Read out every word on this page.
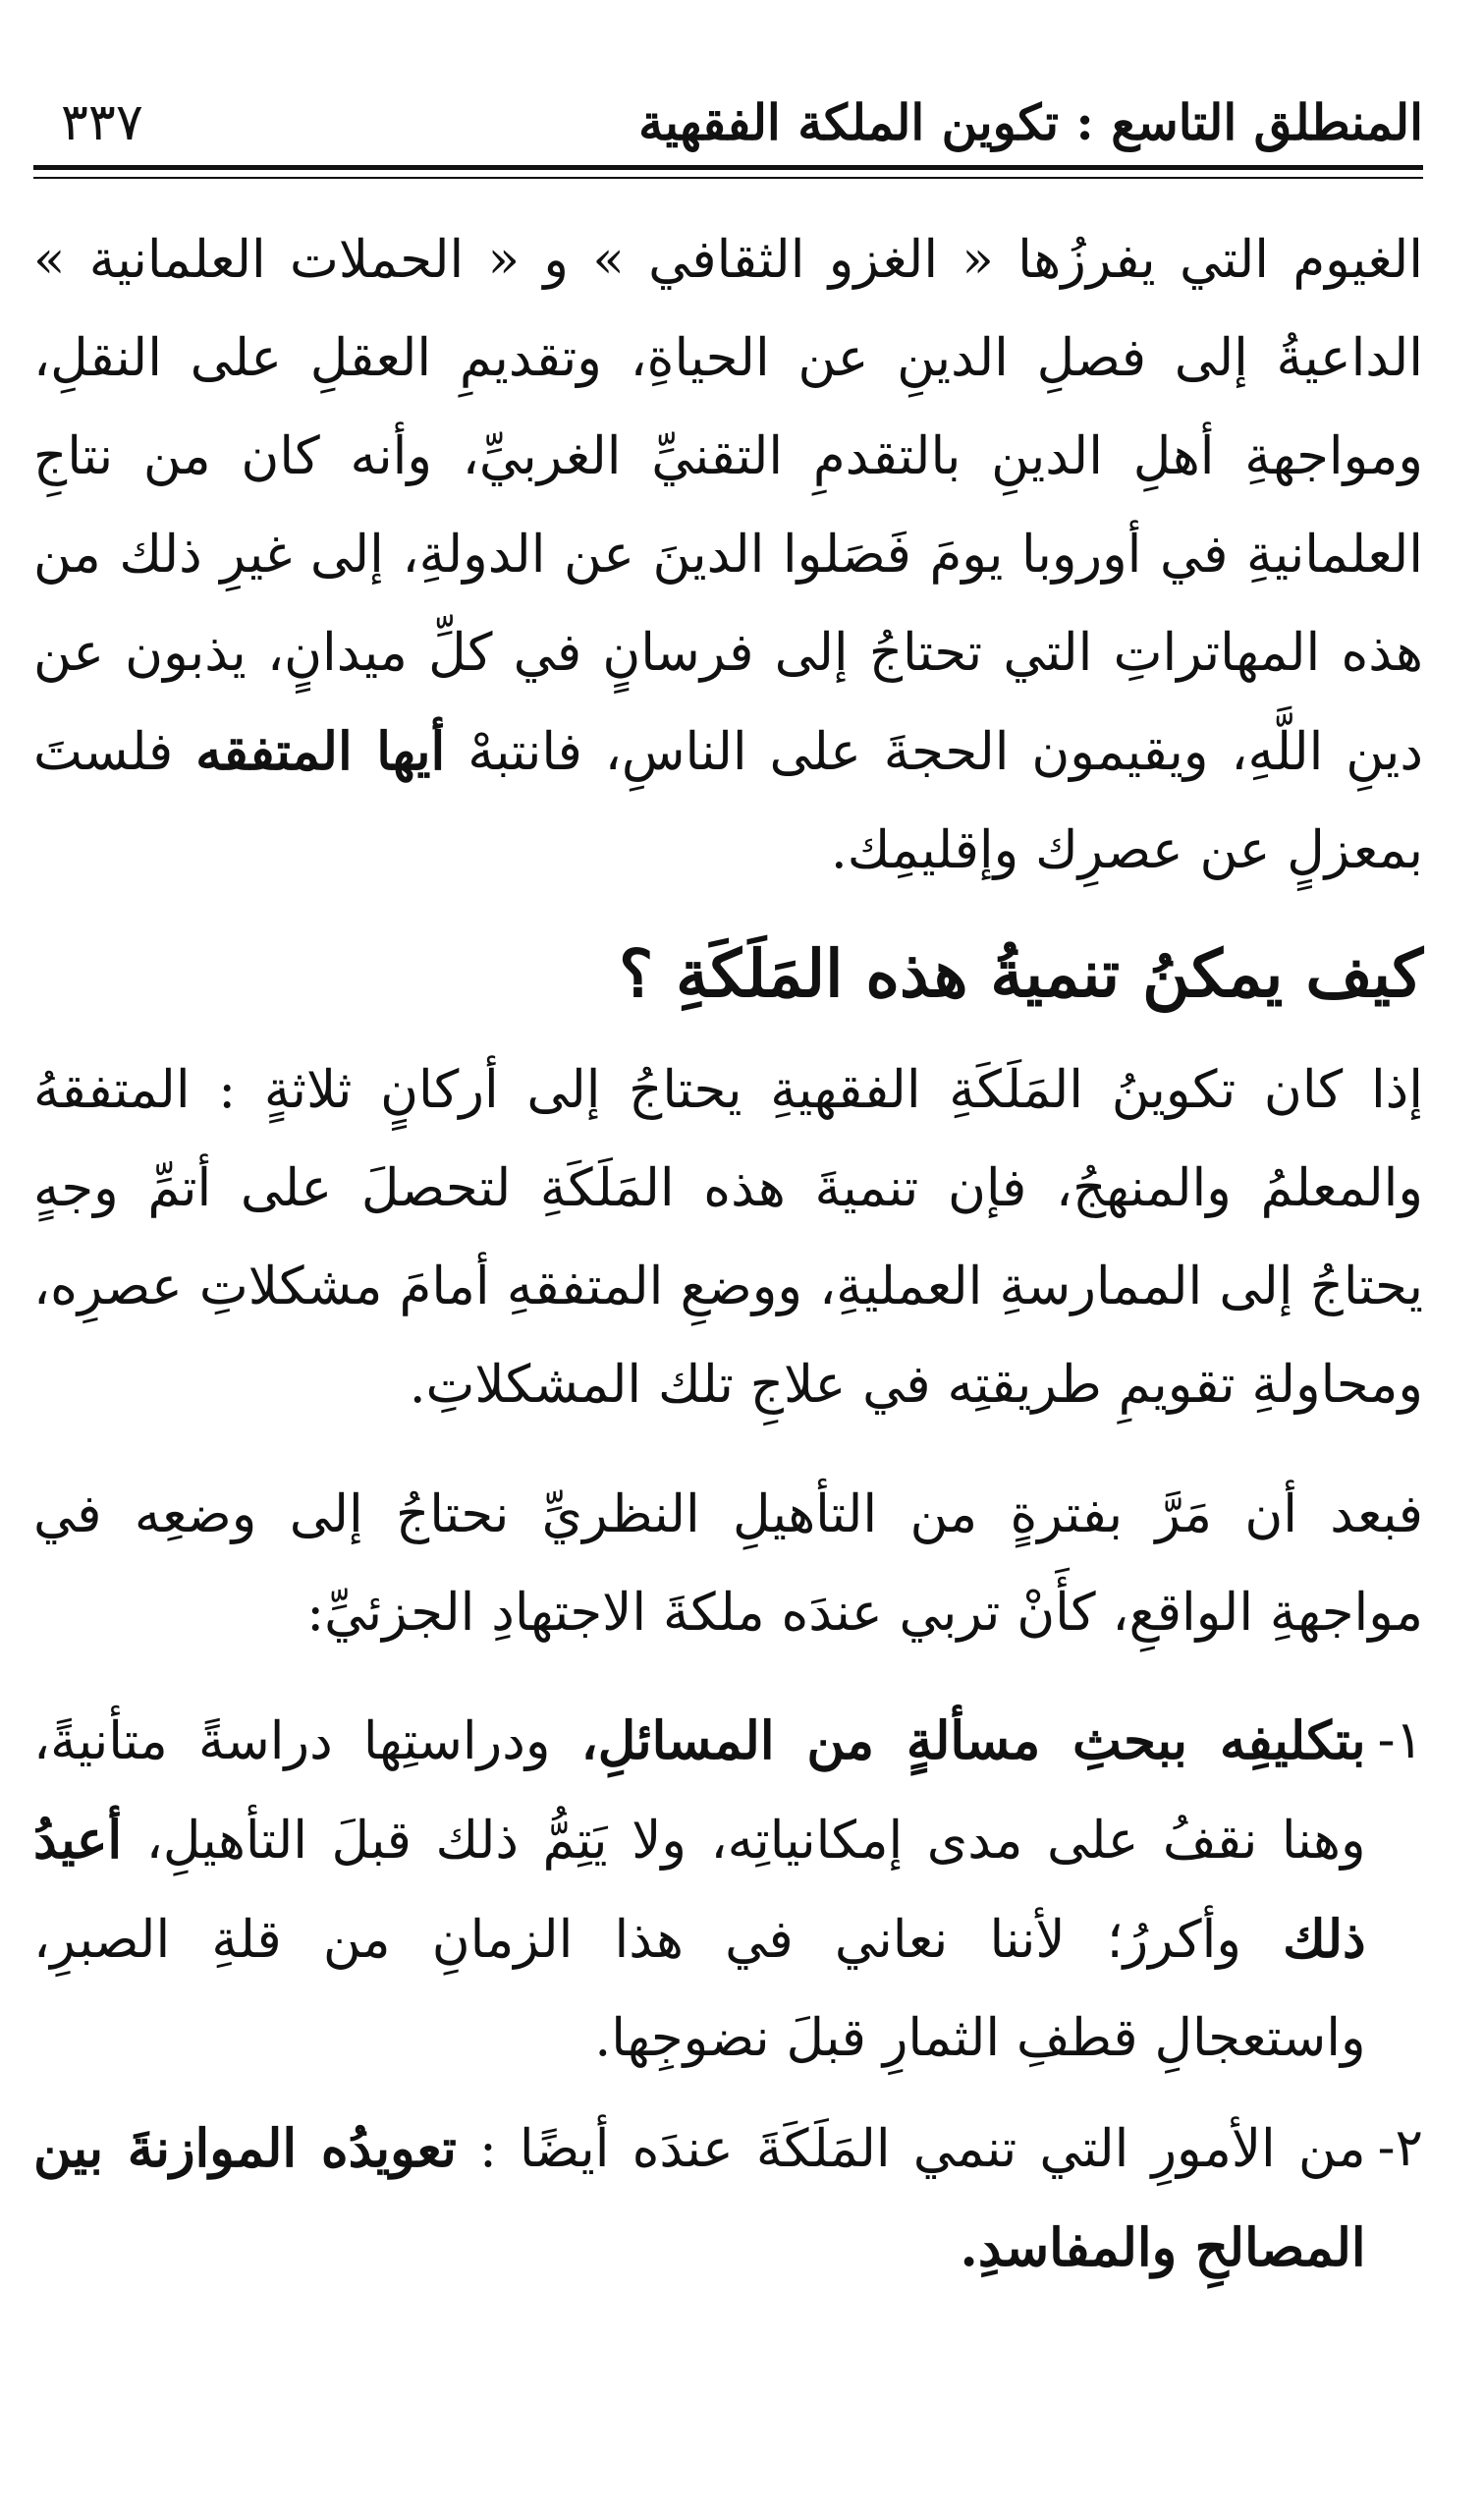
المنطلق التاسع : تكوين الملكة الفقهية
٣٣٧

الغيوم التي يفرزُها « الغزو الثقافي » و « الحملات العلمانية » الداعيةُ إلى فصلِ الدينِ عن الحياةِ، وتقديمِ العقلِ على النقلِ، ومواجهةِ أهلِ الدينِ بالتقدمِ التقنيِّ الغربيِّ، وأنه كان من نتاجِ العلمانيةِ في أوروبا يومَ فَصَلوا الدينَ عن الدولةِ، إلى غيرِ ذلك من هذه المهاتراتِ التي تحتاجُ إلى فرسانٍ في كلِّ ميدانٍ، يذبون عن دينِ اللَّهِ، ويقيمون الحجةَ على الناسِ، فانتبهْ أيها المتفقه فلستَ بمعزلٍ عن عصرِك وإقليمِك.

كيف يمكنُ تنميةُ هذه المَلَكَةِ ؟

إذا كان تكوينُ المَلَكَةِ الفقهيةِ يحتاجُ إلى أركانٍ ثلاثةٍ : المتفقهُ والمعلمُ والمنهجُ، فإن تنميةَ هذه المَلَكَةِ لتحصلَ على أتمِّ وجهٍ يحتاجُ إلى الممارسةِ العمليةِ، ووضعِ المتفقهِ أمامَ مشكلاتِ عصرِه، ومحاولةِ تقويمِ طريقتِه في علاجِ تلك المشكلاتِ.

فبعد أن مَرَّ بفترةٍ من التأهيلِ النظريِّ نحتاجُ إلى وضعِه في مواجهةِ الواقعِ، كأَنْ تربي عندَه ملكةَ الاجتهادِ الجزئيِّ:

١-
بتكليفِه ببحثِ مسألةٍ من المسائلِ، ودراستِها دراسةً متأنيةً، وهنا نقفُ على مدى إمكانياتِه، ولا يَتِمُّ ذلك قبلَ التأهيلِ، أعيدُ ذلك وأكررُ؛ لأننا نعاني في هذا الزمانِ من قلةِ الصبرِ، واستعجالِ قطفِ الثمارِ قبلَ نضوجِها.

٢-
من الأمورِ التي تنمي المَلَكَةَ عندَه أيضًا : تعويدُه الموازنةَ بين المصالحِ والمفاسدِ.
